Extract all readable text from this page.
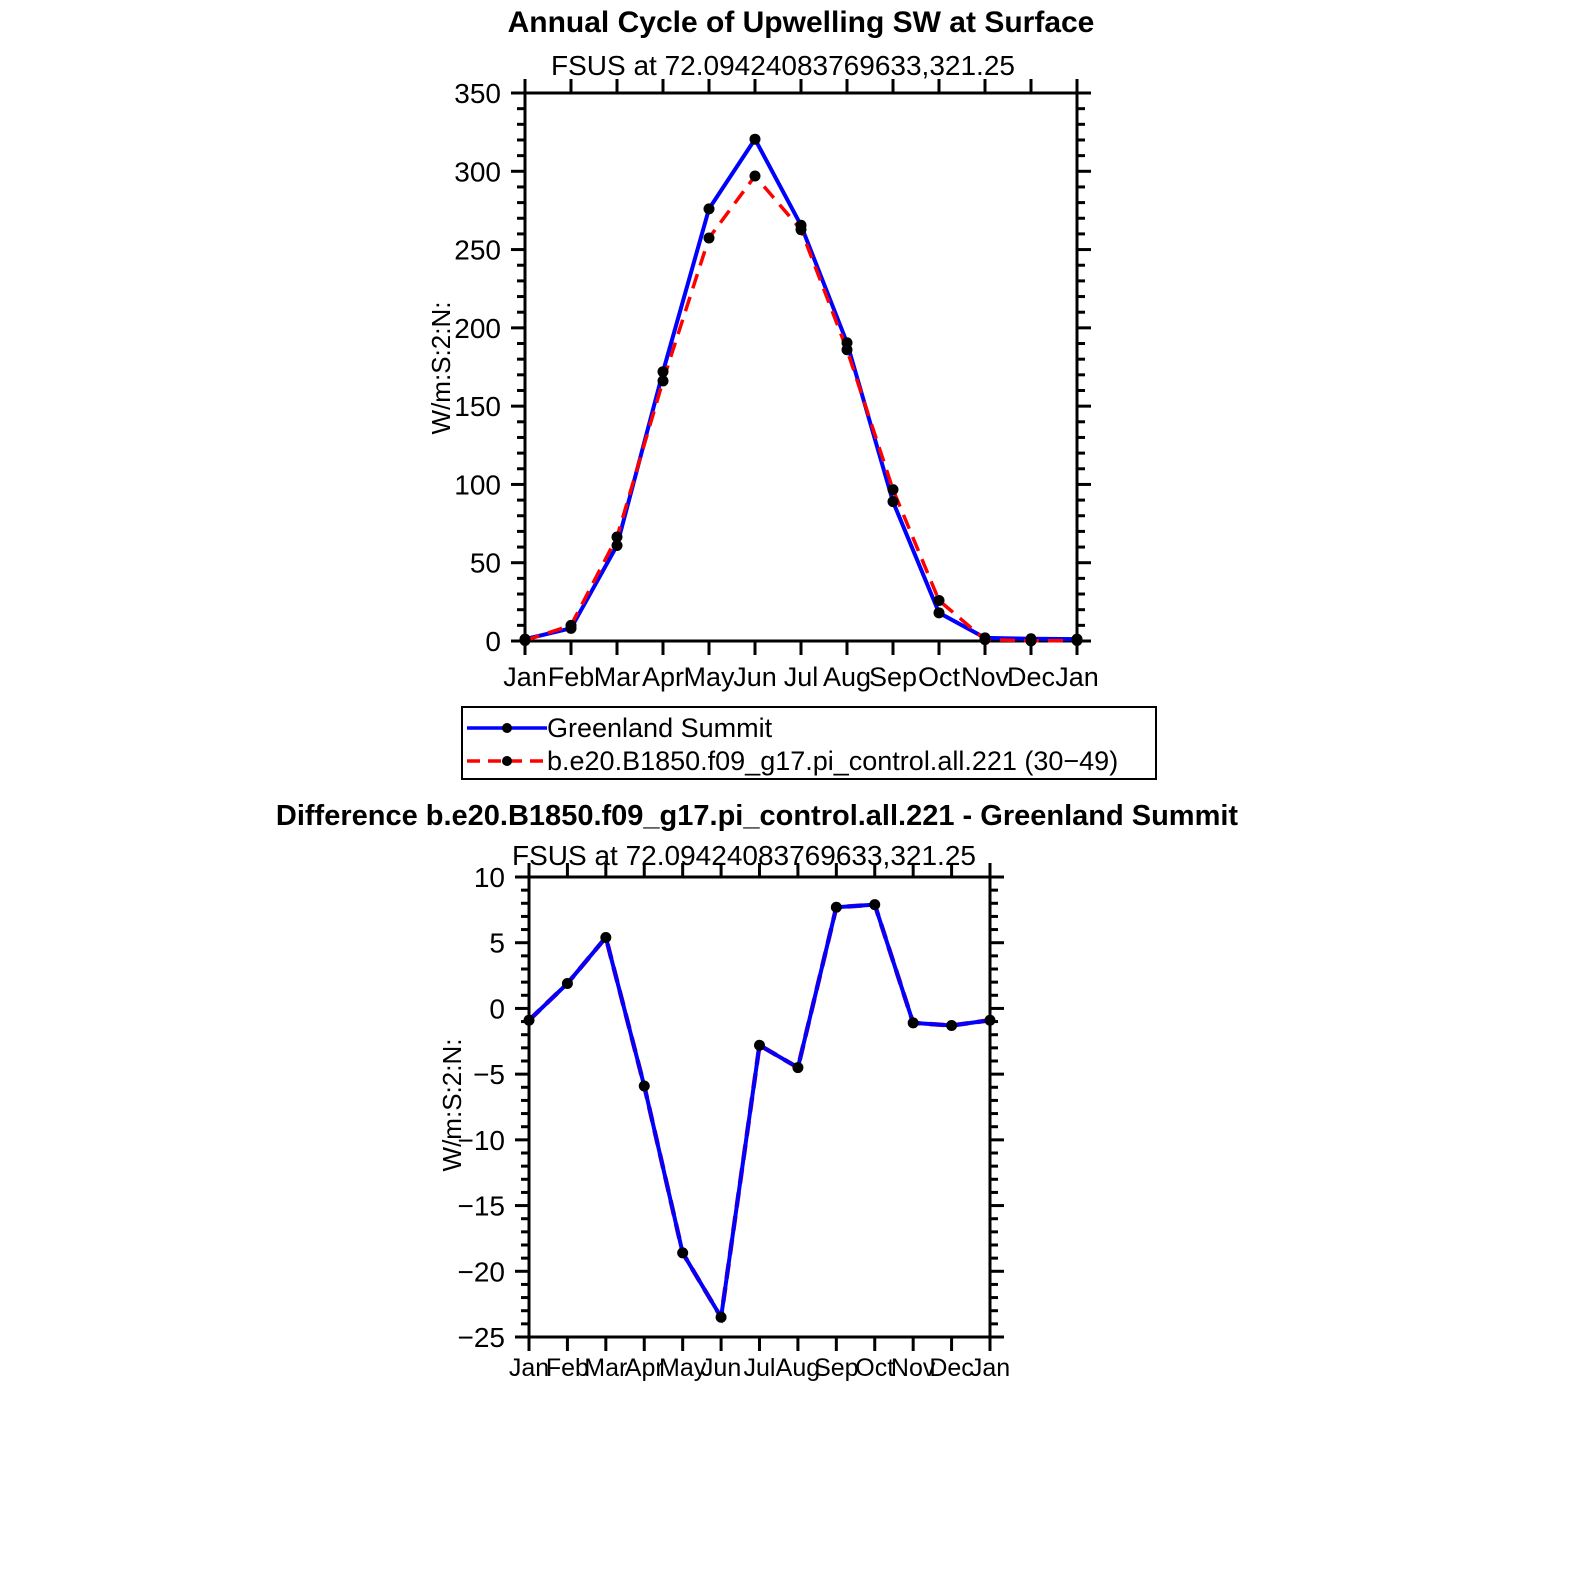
Annual Cycle of Upwelling SW at Surface
FSUS at 72.09424083769633,321.25
W/m:S:2:N:
Jan Feb Mar Apr May
Jun Jul Aug
Sep Oct Nov
Dec Jan
0
50
100
150
200
250
300
350
Jan
Feb
Mar
Apr
May
Jun Jul Aug
Sep
Oct
Nov
Dec
Jan
−25
−20
−15
−10
−5
0
5
10
Greenland Summit
b.e20.B1850.f09_g17.pi_control.all.221 (30−49)
Difference b.e20.B1850.f09_g17.pi_control.all.221 - Greenland Summit
FSUS at 72.09424083769633,321.25
W/m:S:2:N:
